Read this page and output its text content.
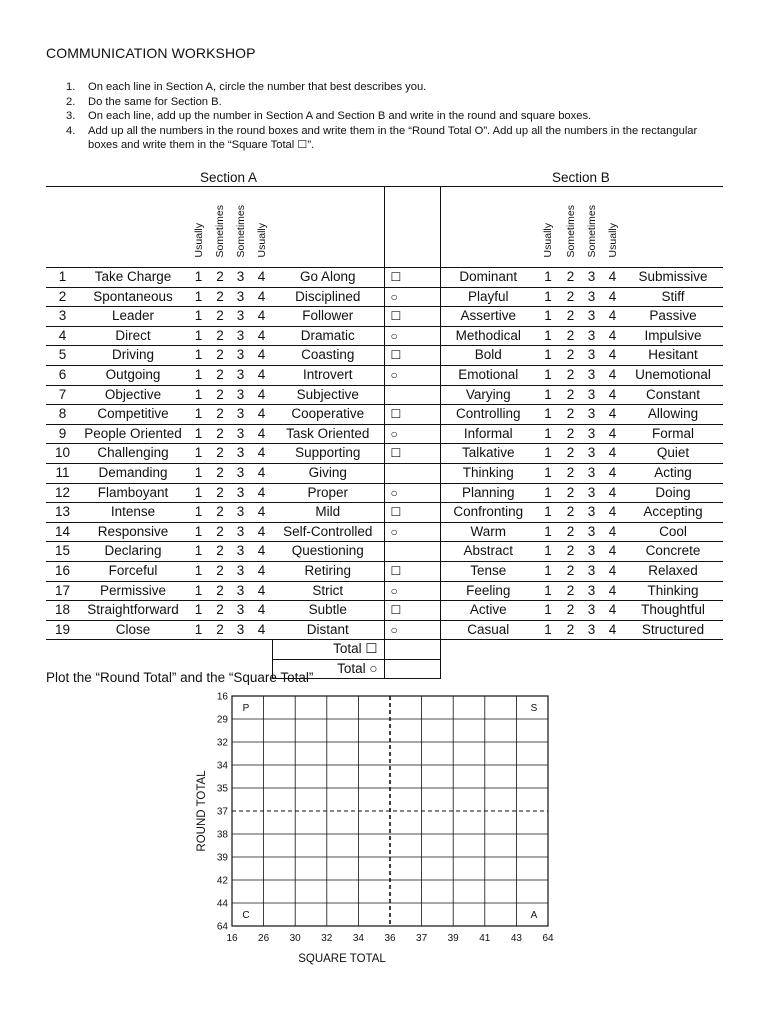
COMMUNICATION WORKSHOP
1. On each line in Section A, circle the number that best describes you.
2. Do the same for Section B.
3. On each line, add up the number in Section A and Section B and write in the round and square boxes.
4. Add up all the numbers in the round boxes and write them in the “Round Total O”. Add up all the numbers in the rectangular boxes and write them in the “Square Total ☐”.
Section A	Section B
		Usually	Sometimes	Sometimes	Usually				Usually	Sometimes	Sometimes	Usually	
1	Take Charge	1	2	3	4	Go Along	☐	Dominant	1	2	3	4	Submissive
2	Spontaneous	1	2	3	4	Disciplined	○	Playful	1	2	3	4	Stiff
3	Leader	1	2	3	4	Follower	☐	Assertive	1	2	3	4	Passive
4	Direct	1	2	3	4	Dramatic	○	Methodical	1	2	3	4	Impulsive
5	Driving	1	2	3	4	Coasting	☐	Bold	1	2	3	4	Hesitant
6	Outgoing	1	2	3	4	Introvert	○	Emotional	1	2	3	4	Unemotional
7	Objective	1	2	3	4	Subjective		Varying	1	2	3	4	Constant
8	Competitive	1	2	3	4	Cooperative	☐	Controlling	1	2	3	4	Allowing
9	People Oriented	1	2	3	4	Task Oriented	○	Informal	1	2	3	4	Formal
10	Challenging	1	2	3	4	Supporting	☐	Talkative	1	2	3	4	Quiet
11	Demanding	1	2	3	4	Giving		Thinking	1	2	3	4	Acting
12	Flamboyant	1	2	3	4	Proper	○	Planning	1	2	3	4	Doing
13	Intense	1	2	3	4	Mild	☐	Confronting	1	2	3	4	Accepting
14	Responsive	1	2	3	4	Self-Controlled	○	Warm	1	2	3	4	Cool
15	Declaring	1	2	3	4	Questioning		Abstract	1	2	3	4	Concrete
16	Forceful	1	2	3	4	Retiring	☐	Tense	1	2	3	4	Relaxed
17	Permissive	1	2	3	4	Strict	○	Feeling	1	2	3	4	Thinking
18	Straightforward	1	2	3	4	Subtle	☐	Active	1	2	3	4	Thoughtful
19	Close	1	2	3	4	Distant	○	Casual	1	2	3	4	Structured
						Total ☐							
						Total ○							
Plot the “Round Total” and the “Square Total”
16
29
32
34
35
37
38
39
42
44
64
16 26 30 32 34 36 37 39 41 43 64
P	S
C	A
ROUND TOTAL
SQUARE TOTAL
